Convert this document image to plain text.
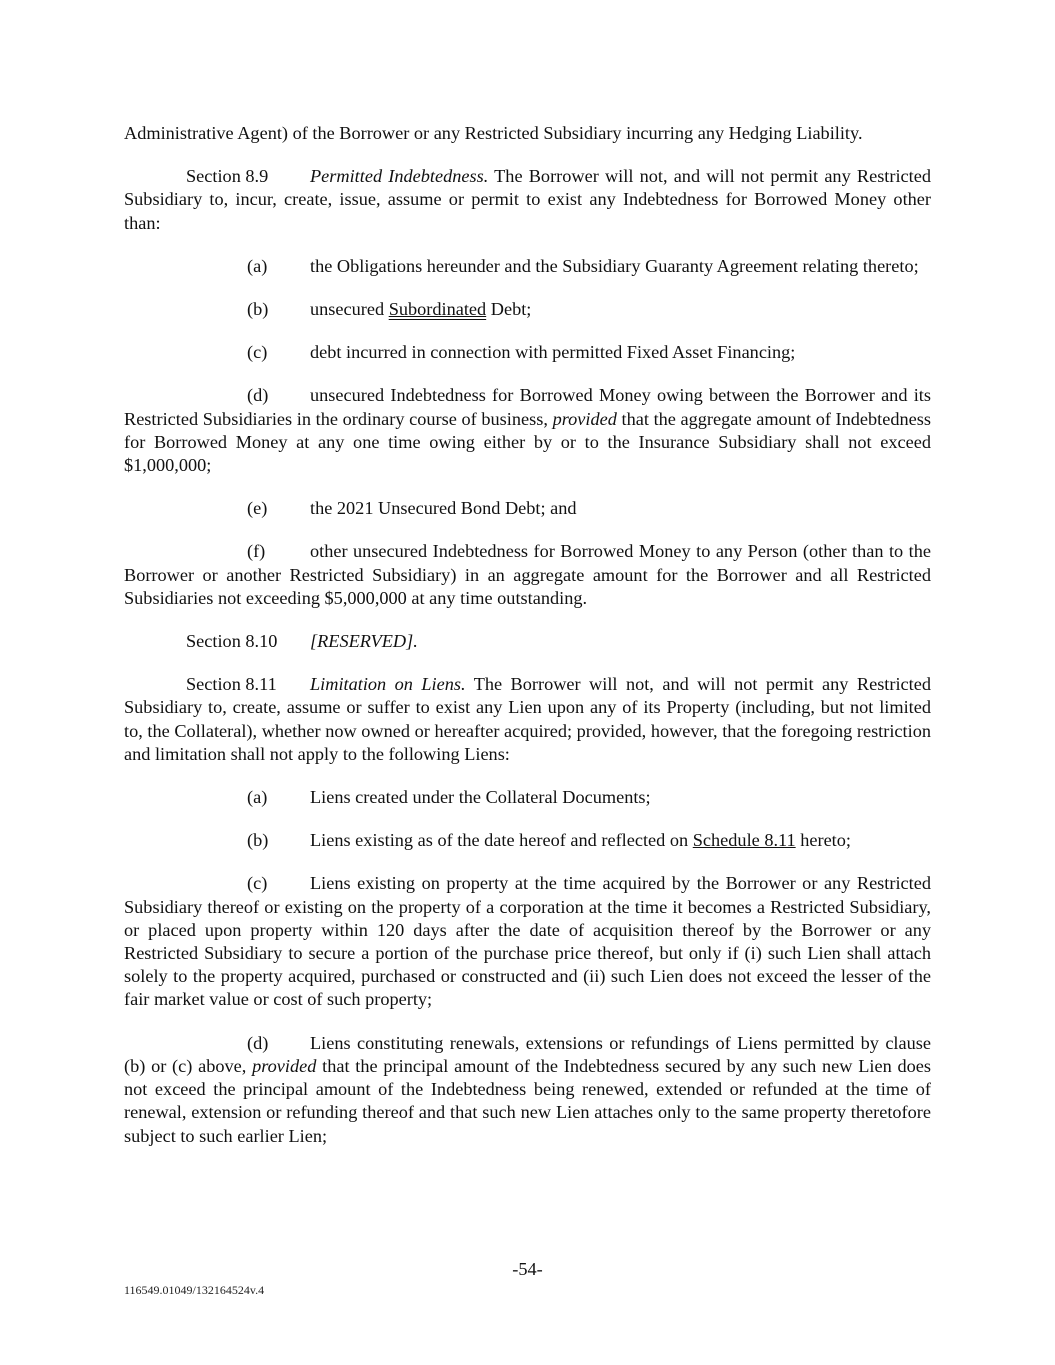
Administrative Agent) of the Borrower or any Restricted Subsidiary incurring any Hedging Liability.

Section 8.9 Permitted Indebtedness. The Borrower will not, and will not permit any Restricted Subsidiary to, incur, create, issue, assume or permit to exist any Indebtedness for Borrowed Money other than:

(a) the Obligations hereunder and the Subsidiary Guaranty Agreement relating thereto;

(b) unsecured Subordinated Debt;

(c) debt incurred in connection with permitted Fixed Asset Financing;

(d) unsecured Indebtedness for Borrowed Money owing between the Borrower and its Restricted Subsidiaries in the ordinary course of business, provided that the aggregate amount of Indebtedness for Borrowed Money at any one time owing either by or to the Insurance Subsidiary shall not exceed $1,000,000;

(e) the 2021 Unsecured Bond Debt; and

(f) other unsecured Indebtedness for Borrowed Money to any Person (other than to the Borrower or another Restricted Subsidiary) in an aggregate amount for the Borrower and all Restricted Subsidiaries not exceeding $5,000,000 at any time outstanding.

Section 8.10 [RESERVED].

Section 8.11 Limitation on Liens. The Borrower will not, and will not permit any Restricted Subsidiary to, create, assume or suffer to exist any Lien upon any of its Property (including, but not limited to, the Collateral), whether now owned or hereafter acquired; provided, however, that the foregoing restriction and limitation shall not apply to the following Liens:

(a) Liens created under the Collateral Documents;

(b) Liens existing as of the date hereof and reflected on Schedule 8.11 hereto;

(c) Liens existing on property at the time acquired by the Borrower or any Restricted Subsidiary thereof or existing on the property of a corporation at the time it becomes a Restricted Subsidiary, or placed upon property within 120 days after the date of acquisition thereof by the Borrower or any Restricted Subsidiary to secure a portion of the purchase price thereof, but only if (i) such Lien shall attach solely to the property acquired, purchased or constructed and (ii) such Lien does not exceed the lesser of the fair market value or cost of such property;

(d) Liens constituting renewals, extensions or refundings of Liens permitted by clause (b) or (c) above, provided that the principal amount of the Indebtedness secured by any such new Lien does not exceed the principal amount of the Indebtedness being renewed, extended or refunded at the time of renewal, extension or refunding thereof and that such new Lien attaches only to the same property theretofore subject to such earlier Lien;

-54-
116549.01049/132164524v.4
